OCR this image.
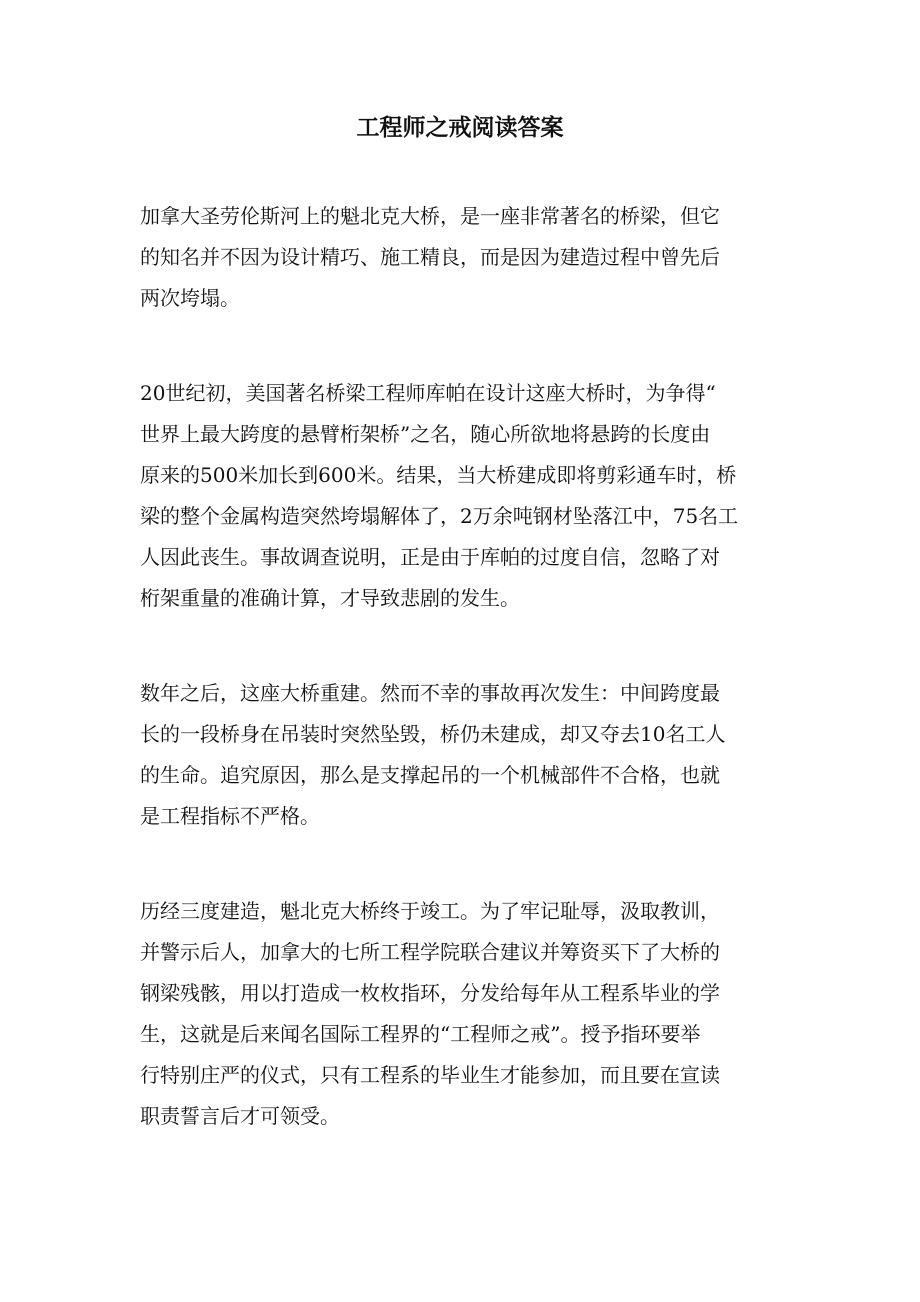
工程师之戒阅读答案

加拿大圣劳伦斯河上的魁北克大桥，是一座非常著名的桥梁，但它
的知名并不因为设计精巧、施工精良，而是因为建造过程中曾先后
两次垮塌。

20世纪初，美国著名桥梁工程师库帕在设计这座大桥时，为争得“
世界上最大跨度的悬臂桁架桥”之名，随心所欲地将悬跨的长度由
原来的500米加长到600米。结果，当大桥建成即将剪彩通车时，桥
梁的整个金属构造突然垮塌解体了，2万余吨钢材坠落江中，75名工
人因此丧生。事故调查说明，正是由于库帕的过度自信，忽略了对
桁架重量的准确计算，才导致悲剧的发生。

数年之后，这座大桥重建。然而不幸的事故再次发生：中间跨度最
长的一段桥身在吊装时突然坠毁，桥仍未建成，却又夺去10名工人
的生命。追究原因，那么是支撑起吊的一个机械部件不合格，也就
是工程指标不严格。

历经三度建造，魁北克大桥终于竣工。为了牢记耻辱，汲取教训，
并警示后人，加拿大的七所工程学院联合建议并筹资买下了大桥的
钢梁残骸，用以打造成一枚枚指环，分发给每年从工程系毕业的学
生，这就是后来闻名国际工程界的“工程师之戒”。授予指环要举
行特别庄严的仪式，只有工程系的毕业生才能参加，而且要在宣读
职责誓言后才可领受。
